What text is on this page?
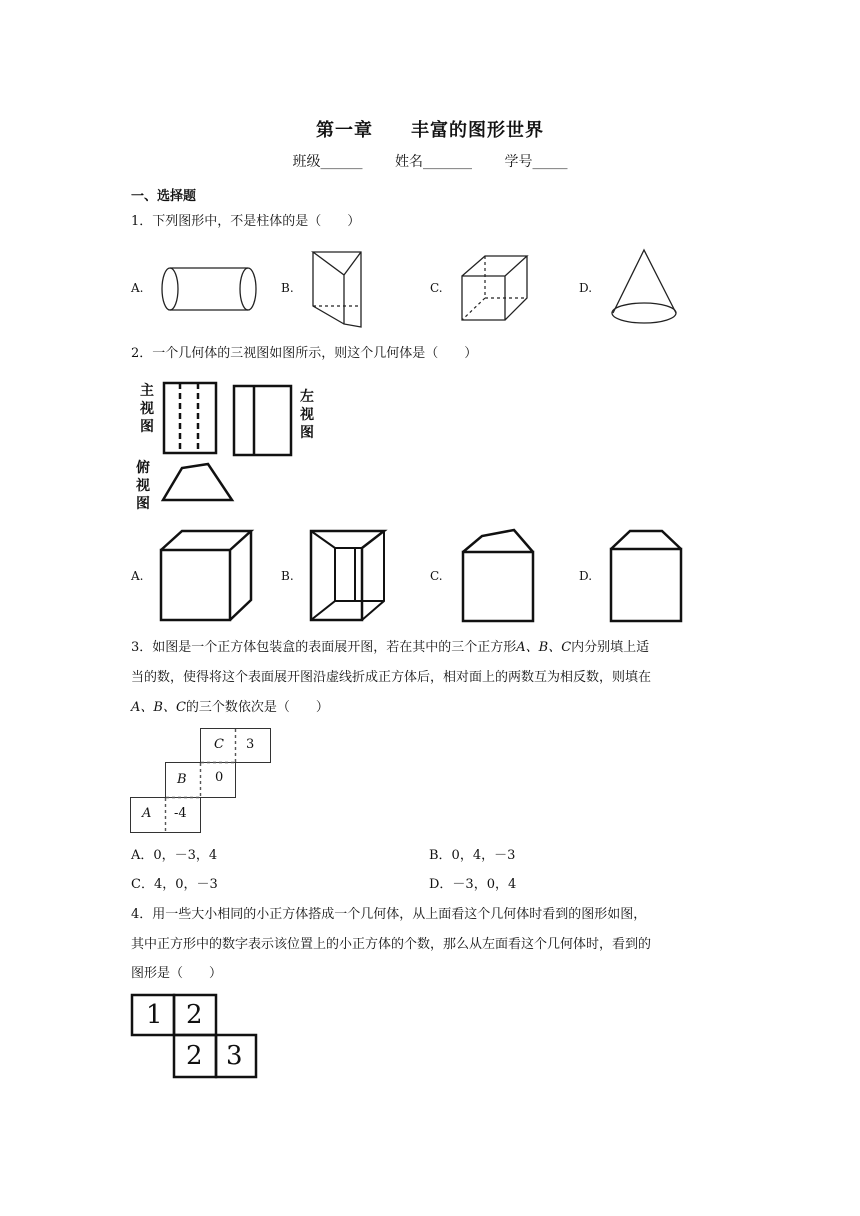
第一章 丰富的图形世界
班级______ 姓名_______ 学号_____
一、选择题
1．下列图形中，不是柱体的是（　　）
A.	B.	C.	D.
2．一个几何体的三视图如图所示，则这个几何体是（　　）
主
视
图
左
视
图
俯
视
图
A.	B.	C.	D.
3．如图是一个正方体包装盒的表面展开图，若在其中的三个正方形A、B、C内分别填上适
当的数，使得将这个表面展开图沿虚线折成正方体后，相对面上的两数互为相反数，则填在
A、B、C的三个数依次是（　　）
C 3
B 0
A -4
A．0，－3，4	B．0，4，－3
C．4，0，－3	D．－3，0，4
4．用一些大小相同的小正方体搭成一个几何体，从上面看这个几何体时看到的图形如图，
其中正方形中的数字表示该位置上的小正方体的个数，那么从左面看这个几何体时，看到的
图形是（　　）
1 2
2 3
